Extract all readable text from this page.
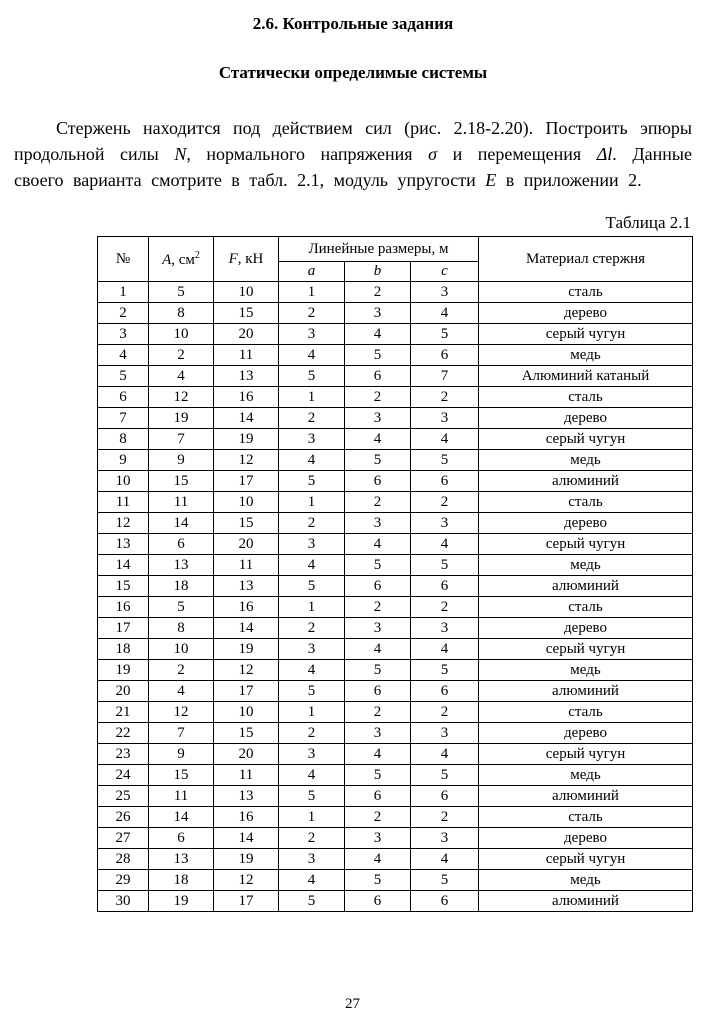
2.6. Контрольные задания
Статически определимые системы

Стержень находится под действием сил (рис. 2.18-2.20). Построить эпюры продольной силы N, нормального напряжения σ и перемещения Δl. Данные своего варианта смотрите в табл. 2.1, модуль упругости E в приложении 2.

Таблица 2.1
№	A, $см^2$	F, кН	Линейные размеры, м			Материал стержня
			a	b	c	
1	5	10	1	2	3	сталь
2	8	15	2	3	4	дерево
3	10	20	3	4	5	серый чугун
4	2	11	4	5	6	медь
5	4	13	5	6	7	Алюминий катаный
6	12	16	1	2	2	сталь
7	19	14	2	3	3	дерево
8	7	19	3	4	4	серый чугун
9	9	12	4	5	5	медь
10	15	17	5	6	6	алюминий
11	11	10	1	2	2	сталь
12	14	15	2	3	3	дерево
13	6	20	3	4	4	серый чугун
14	13	11	4	5	5	медь
15	18	13	5	6	6	алюминий
16	5	16	1	2	2	сталь
17	8	14	2	3	3	дерево
18	10	19	3	4	4	серый чугун
19	2	12	4	5	5	медь
20	4	17	5	6	6	алюминий
21	12	10	1	2	2	сталь
22	7	15	2	3	3	дерево
23	9	20	3	4	4	серый чугун
24	15	11	4	5	5	медь
25	11	13	5	6	6	алюминий
26	14	16	1	2	2	сталь
27	6	14	2	3	3	дерево
28	13	19	3	4	4	серый чугун
29	18	12	4	5	5	медь
30	19	17	5	6	6	алюминий
27
